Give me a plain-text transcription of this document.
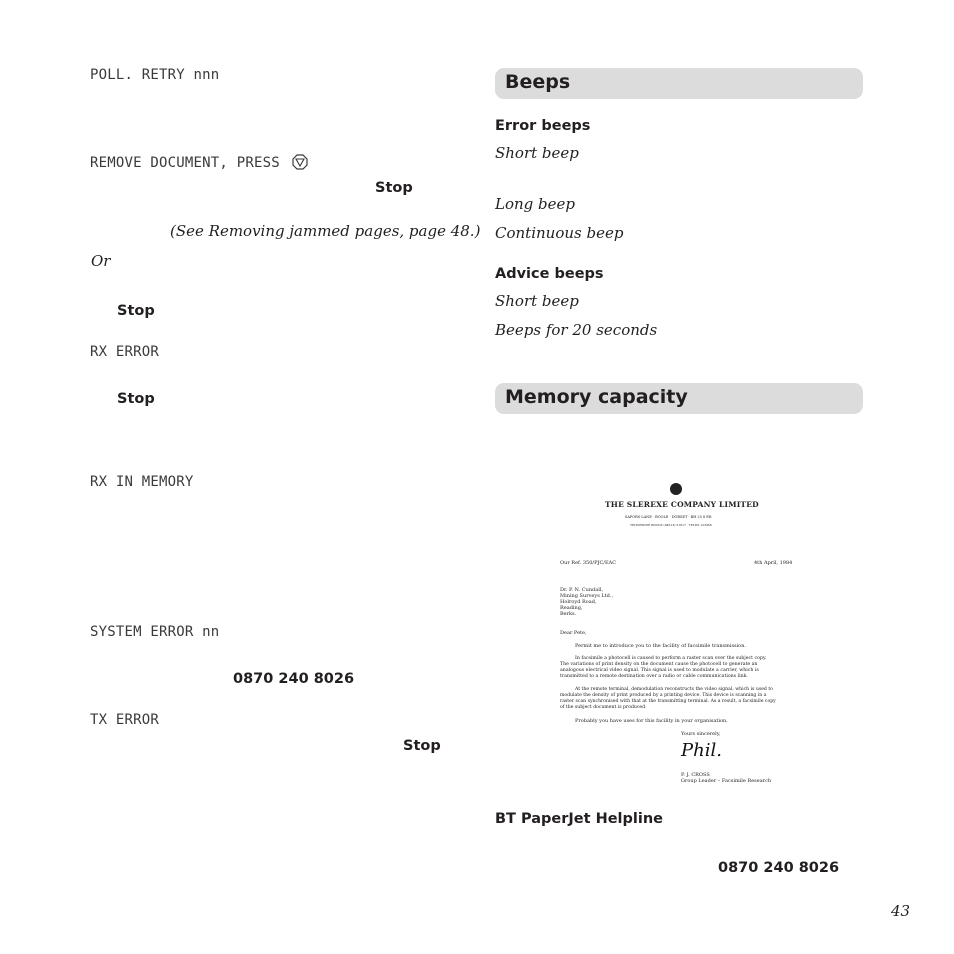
POLL. RETRY nnn
REMOVE DOCUMENT, PRESS
Stop
(See Removing jammed pages, page 48.)
Or
Stop
RX ERROR
Stop
RX IN MEMORY
SYSTEM ERROR nn
0870 240 8026
TX ERROR
Stop
Beeps
Error beeps
Short beep
Long beep
Continuous beep
Advice beeps
Short beep
Beeps for 20 seconds
Memory capacity
THE SLEREXE COMPANY LIMITED
SAPORS LANE · BOOLE · DORSET · BH 25 8 ER
TELEPHONE BOOLE (94513) 51617 · TELEX 123456
Our Ref. 350/PJC/EAC	4th April, 1984
Dr. P. N. Cundall,
Mining Surveys Ltd.,
Holroyd Road,
Reading,
Berks.
Dear Pete,
Permit me to introduce you to the facility of facsimile transmission.
In facsimile a photocell is caused to perform a raster scan over the subject copy.
The variations of print density on the document cause the photocell to generate an
analogous electrical video signal. This signal is used to modulate a carrier, which is
transmitted to a remote destination over a radio or cable communications link.
At the remote terminal, demodulation reconstructs the video signal, which is used to
modulate the density of print produced by a printing device. This device is scanning in a
raster scan synchronised with that at the transmitting terminal. As a result, a facsimile copy
of the subject document is produced.
Probably you have uses for this facility in your organisation.
Yours sincerely,
Phil.
P. J. CROSS
Group Leader – Facsimile Research
BT PaperJet Helpline
0870 240 8026
43
